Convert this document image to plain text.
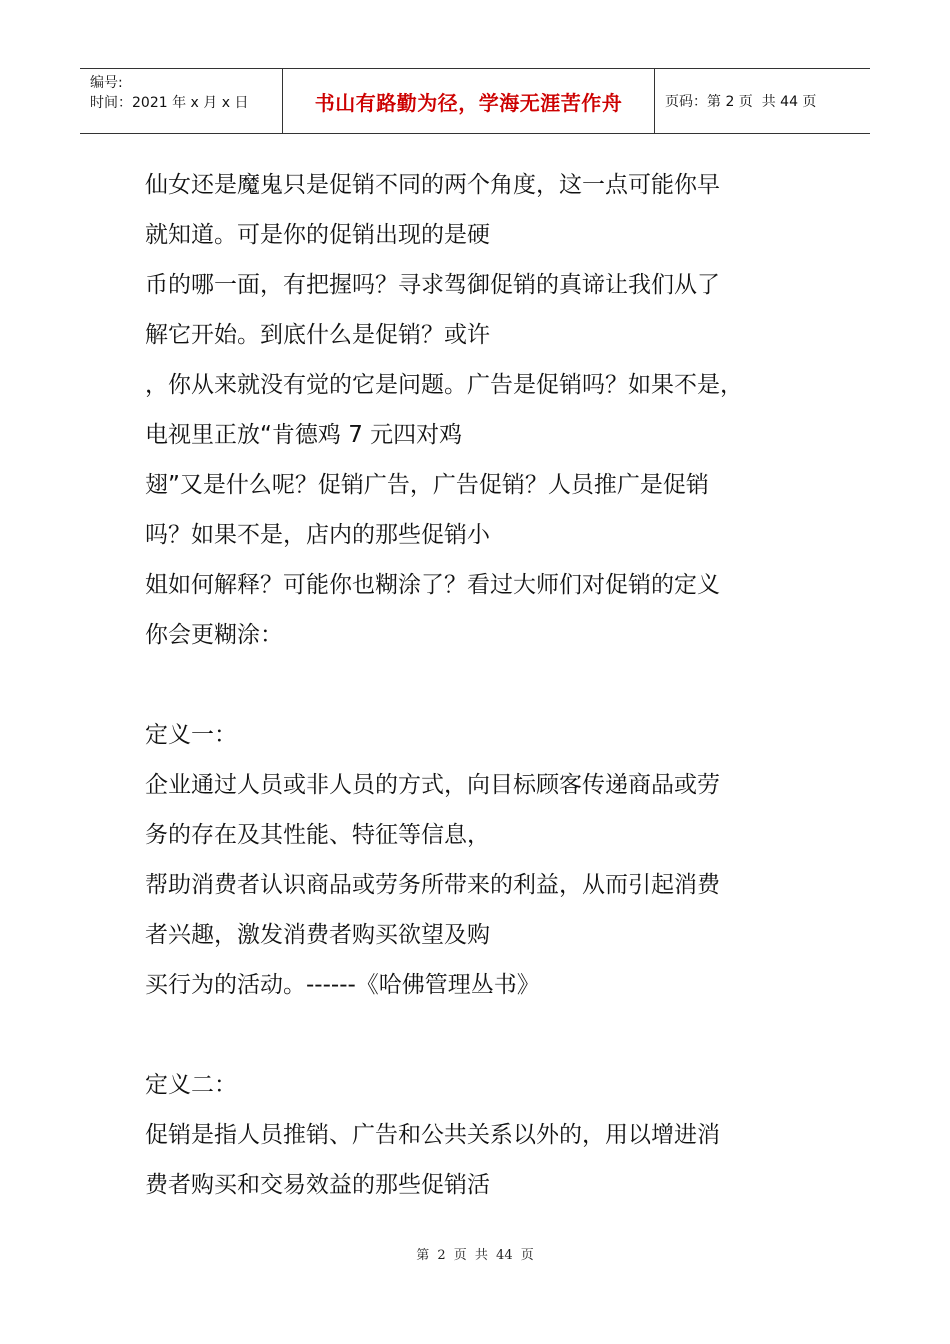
编号:
时间：2021 年 x 月 x 日	书山有路勤为径，学海无涯苦作舟	页码：第 2 页  共 44 页
仙女还是魔鬼只是促销不同的两个角度，这一点可能你早
就知道。可是你的促销出现的是硬
币的哪一面，有把握吗？寻求驾御促销的真谛让我们从了
解它开始。到底什么是促销？或许
，你从来就没有觉的它是问题。广告是促销吗？如果不是，
电视里正放“肯德鸡 7 元四对鸡
翅”又是什么呢？促销广告，广告促销？人员推广是促销
吗？如果不是，店内的那些促销小
姐如何解释？可能你也糊涂了？看过大师们对促销的定义
你会更糊涂：
定义一：
企业通过人员或非人员的方式，向目标顾客传递商品或劳
务的存在及其性能、特征等信息，
帮助消费者认识商品或劳务所带来的利益，从而引起消费
者兴趣，激发消费者购买欲望及购
买行为的活动。------《哈佛管理丛书》
定义二：
促销是指人员推销、广告和公共关系以外的，用以增进消
费者购买和交易效益的那些促销活
第 2 页 共 44 页
